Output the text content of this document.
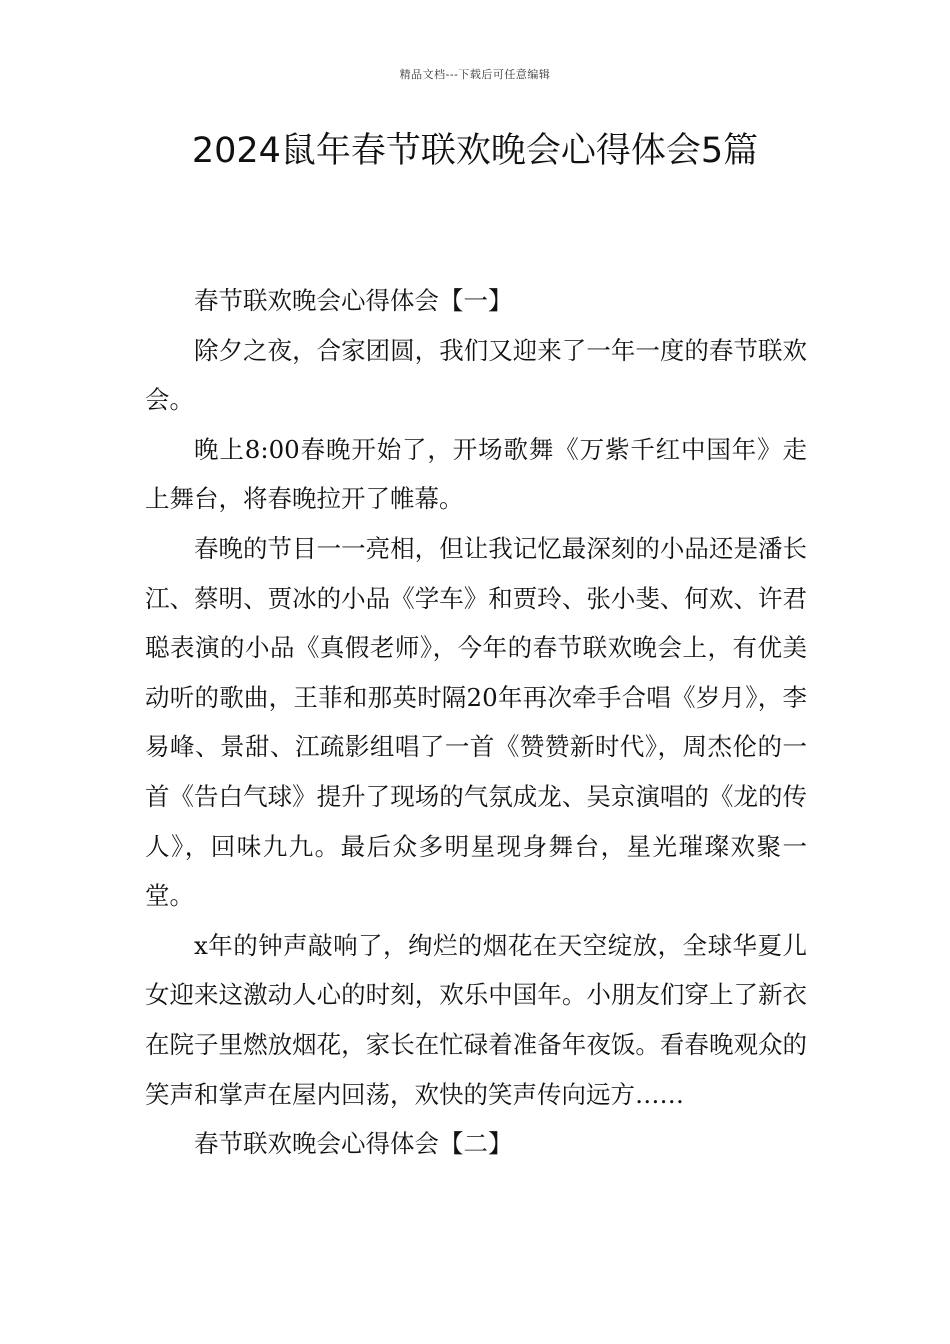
精品文档---下载后可任意编辑
2024鼠年春节联欢晚会心得体会5篇

春节联欢晚会心得体会【一】

除夕之夜，合家团圆，我们又迎来了一年一度的春节联欢会。

晚上8:00春晚开始了，开场歌舞《万紫千红中国年》走上舞台，将春晚拉开了帷幕。

春晚的节目一一亮相，但让我记忆最深刻的小品还是潘长江、蔡明、贾冰的小品《学车》和贾玲、张小斐、何欢、许君聪表演的小品《真假老师》，今年的春节联欢晚会上，有优美动听的歌曲，王菲和那英时隔20年再次牵手合唱《岁月》，李易峰、景甜、江疏影组唱了一首《赞赞新时代》，周杰伦的一首《告白气球》提升了现场的气氛成龙、吴京演唱的《龙的传人》，回味九九。最后众多明星现身舞台，星光璀璨欢聚一堂。

x年的钟声敲响了，绚烂的烟花在天空绽放，全球华夏儿女迎来这激动人心的时刻，欢乐中国年。小朋友们穿上了新衣在院子里燃放烟花，家长在忙碌着准备年夜饭。看春晚观众的笑声和掌声在屋内回荡，欢快的笑声传向远方……

春节联欢晚会心得体会【二】
